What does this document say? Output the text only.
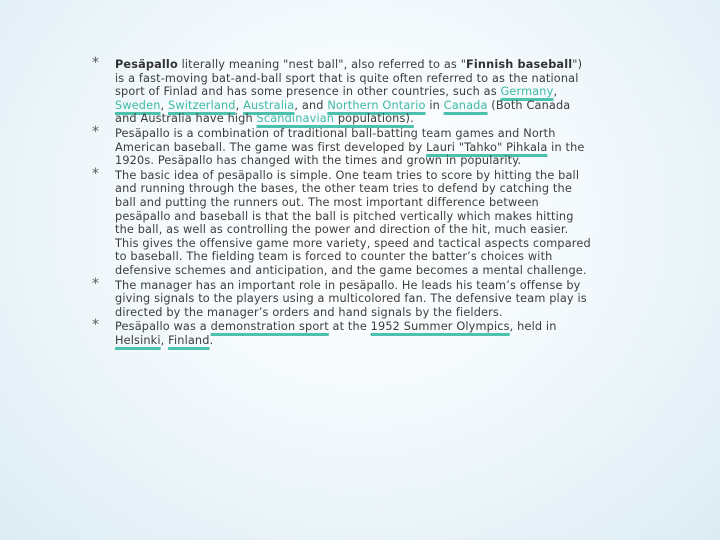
* Pesäpallo literally meaning "nest ball", also referred to as "Finnish baseball") is a fast-moving bat-and-ball sport that is quite often referred to as the national sport of Finlad and has some presence in other countries, such as Germany, Sweden, Switzerland, Australia, and Northern Ontario in Canada (Both Canada and Australia have high Scandinavian populations).
* Pesäpallo is a combination of traditional ball-batting team games and North American baseball. The game was first developed by Lauri "Tahko" Pihkala in the 1920s. Pesäpallo has changed with the times and grown in popularity.
* The basic idea of pesäpallo is simple. One team tries to score by hitting the ball and running through the bases, the other team tries to defend by catching the ball and putting the runners out. The most important difference between pesäpallo and baseball is that the ball is pitched vertically which makes hitting the ball, as well as controlling the power and direction of the hit, much easier. This gives the offensive game more variety, speed and tactical aspects compared to baseball. The fielding team is forced to counter the batter’s choices with defensive schemes and anticipation, and the game becomes a mental challenge.
* The manager has an important role in pesäpallo. He leads his team’s offense by giving signals to the players using a multicolored fan. The defensive team play is directed by the manager’s orders and hand signals by the fielders.
* Pesäpallo was a demonstration sport at the 1952 Summer Olympics, held in Helsinki, Finland.
